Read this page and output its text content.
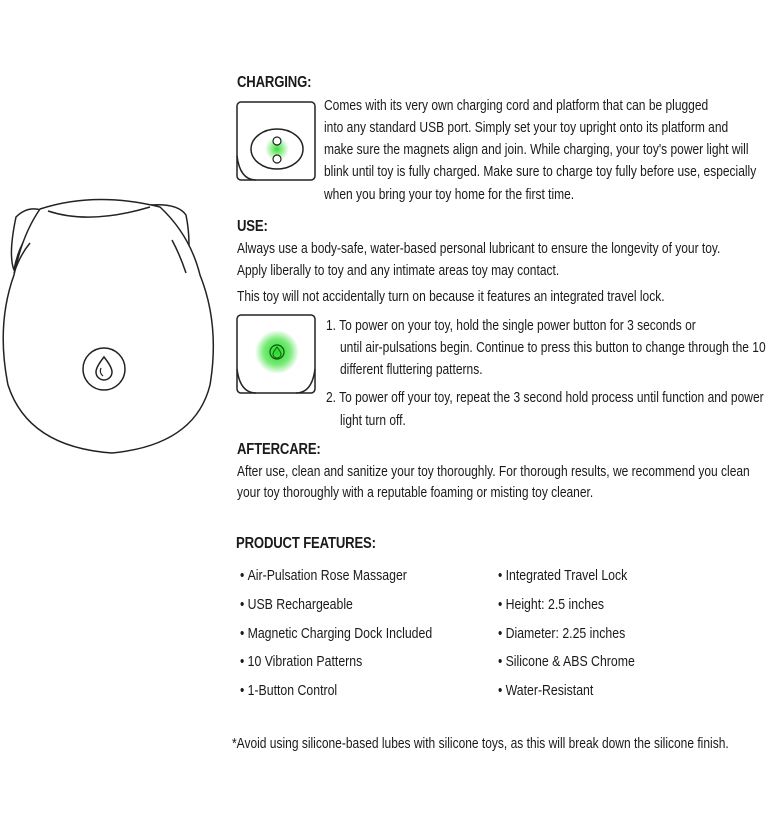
CHARGING:
Comes with its very own charging cord and platform that can be plugged
into any standard USB port. Simply set your toy upright onto its platform and
make sure the magnets align and join. While charging, your toy's power light will
blink until toy is fully charged. Make sure to charge toy fully before use, especially
when you bring your toy home for the first time.
USE:
Always use a body-safe, water-based personal lubricant to ensure the longevity of your toy.
Apply liberally to toy and any intimate areas toy may contact.
This toy will not accidentally turn on because it features an integrated travel lock.
1. To power on your toy, hold the single power button for 3 seconds or
until air-pulsations begin. Continue to press this button to change through the 10
different fluttering patterns.
2. To power off your toy, repeat the 3 second hold process until function and power
light turn off.
AFTERCARE:
After use, clean and sanitize your toy thoroughly. For thorough results, we recommend you clean
your toy thoroughly with a reputable foaming or misting toy cleaner.
PRODUCT FEATURES:
• Air-Pulsation Rose Massager
• USB Rechargeable
• Magnetic Charging Dock Included
• 10 Vibration Patterns
• 1-Button Control
• Integrated Travel Lock
• Height: 2.5 inches
• Diameter: 2.25 inches
• Silicone & ABS Chrome
• Water-Resistant
*Avoid using silicone-based lubes with silicone toys, as this will break down the silicone finish.
